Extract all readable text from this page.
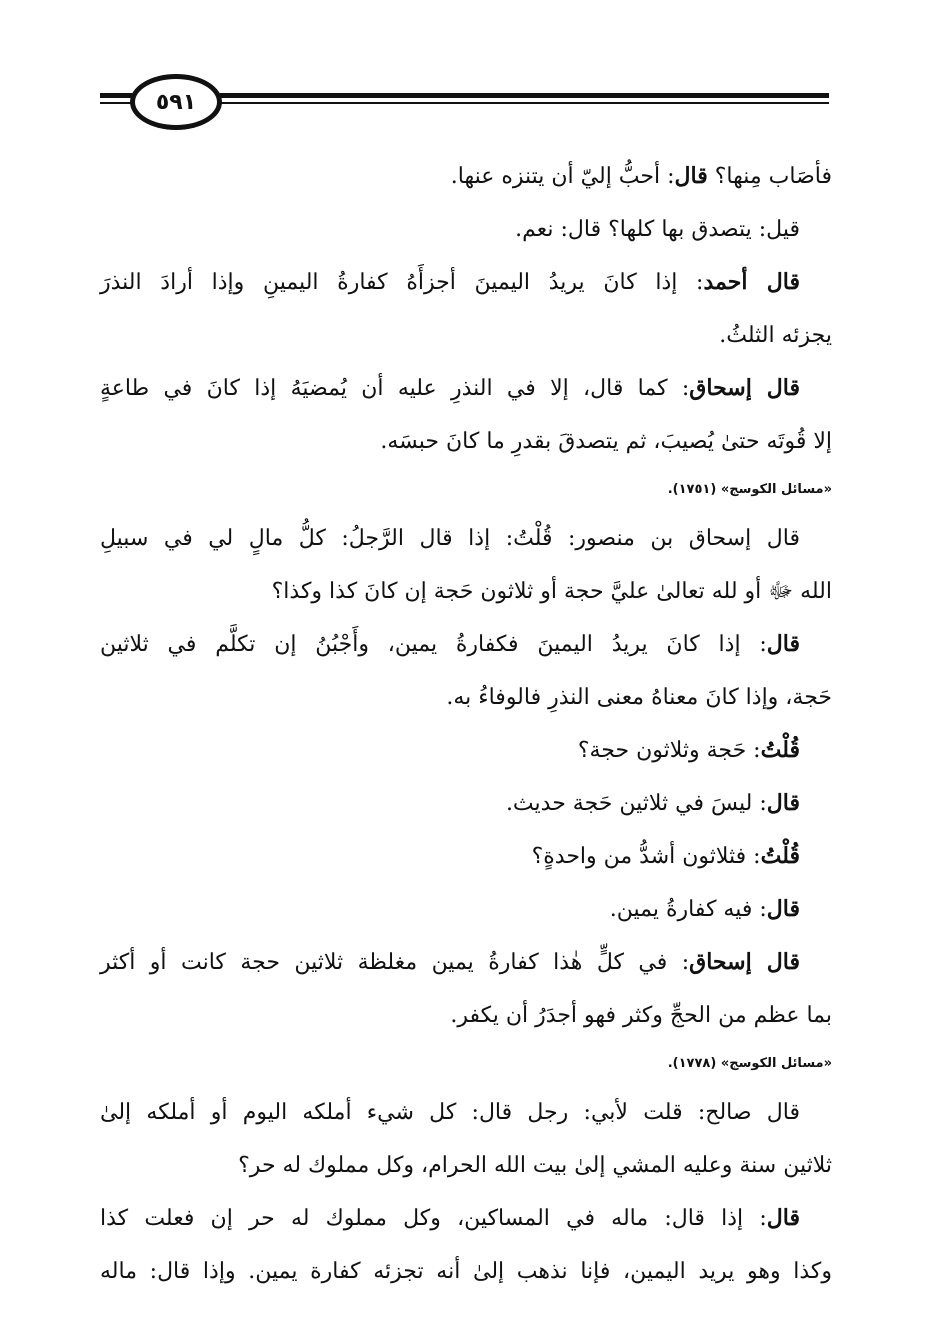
٥٩١
فأصَاب مِنها؟ قال: أحبُّ إليّ أن يتنزه عنها.
قيل: يتصدق بها كلها؟ قال: نعم.
قال أحمد: إذا كانَ يريدُ اليمينَ أجزأَهُ كفارةُ اليمينِ وإذا أرادَ النذرَ
يجزئه الثلثُ.
قال إسحاق: كما قال، إلا في النذرِ عليه أن يُمضيَهُ إذا كانَ في طاعةٍ
إلا قُوتَه حتىٰ يُصيبَ، ثم يتصدقَ بقدرِ ما كانَ حبسَه.
«مسائل الكوسج» (١٧٥١).
قال إسحاق بن منصور: قُلْتُ: إذا قال الرَّجلُ: كلُّ مالٍ لي في سبيلِ
الله ﷻ أو لله تعالىٰ عليَّ حجة أو ثلاثون حَجة إن كانَ كذا وكذا؟
قال: إذا كانَ يريدُ اليمينَ فكفارةُ يمين، وأَجْبُنُ إن تكلَّم في ثلاثين
حَجة، وإذا كانَ معناهُ معنى النذرِ فالوفاءُ به.
قُلْتُ: حَجة وثلاثون حجة؟
قال: ليسَ في ثلاثين حَجة حديث.
قُلْتُ: فثلاثون أشدُّ من واحدةٍ؟
قال: فيه كفارةُ يمين.
قال إسحاق: في كلٍّ هٰذا كفارةُ يمين مغلظة ثلاثين حجة كانت أو أكثر
بما عظم من الحجِّ وكثر فهو أجدَرُ أن يكفر.
«مسائل الكوسج» (١٧٧٨).
قال صالح: قلت لأبي: رجل قال: كل شيء أملكه اليوم أو أملكه إلىٰ
ثلاثين سنة وعليه المشي إلىٰ بيت الله الحرام، وكل مملوك له حر؟
قال: إذا قال: ماله في المساكين، وكل مملوك له حر إن فعلت كذا
وكذا وهو يريد اليمين، فإنا نذهب إلىٰ أنه تجزئه كفارة يمين. وإذا قال: ماله
